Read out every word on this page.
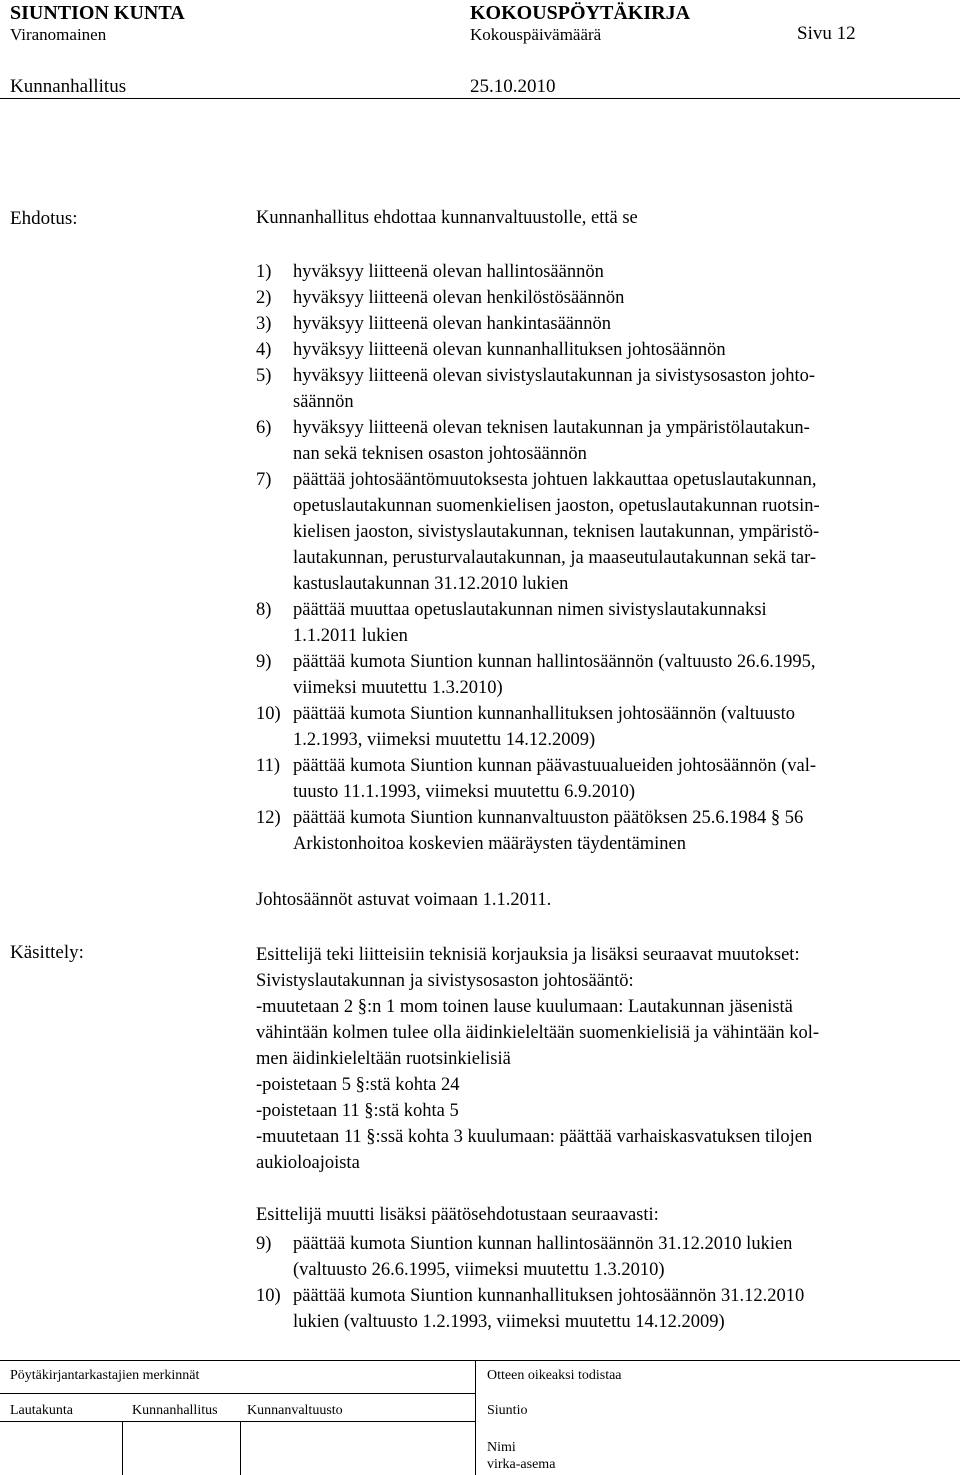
SIUNTION KUNTA	KOKOUSPÖYTÄKIRJA
Viranomainen	Kokouspäivämäärä	Sivu 12
Kunnanhallitus	25.10.2010
Ehdotus:	Kunnanhallitus ehdottaa kunnanvaltuustolle, että se
1) hyväksyy liitteenä olevan hallintosäännön
2) hyväksyy liitteenä olevan henkilöstösäännön
3) hyväksyy liitteenä olevan hankintasäännön
4) hyväksyy liitteenä olevan kunnanhallituksen johtosäännön
5) hyväksyy liitteenä olevan sivistyslautakunnan ja sivistysosaston johto-
säännön
6) hyväksyy liitteenä olevan teknisen lautakunnan ja ympäristölautakun-
nan sekä teknisen osaston johtosäännön
7) päättää johtosääntömuutoksesta johtuen lakkauttaa opetuslautakunnan,
opetuslautakunnan suomenkielisen jaoston, opetuslautakunnan ruotsin-
kielisen jaoston, sivistyslautakunnan, teknisen lautakunnan, ympäristö-
lautakunnan, perusturvalautakunnan, ja maaseutulautakunnan sekä tar-
kastuslautakunnan 31.12.2010 lukien
8) päättää muuttaa opetuslautakunnan nimen sivistyslautakunnaksi
1.1.2011 lukien
9) päättää kumota Siuntion kunnan hallintosäännön (valtuusto 26.6.1995,
viimeksi muutettu 1.3.2010)
10) päättää kumota Siuntion kunnanhallituksen johtosäännön (valtuusto
1.2.1993, viimeksi muutettu 14.12.2009)
11) päättää kumota Siuntion kunnan päävastuualueiden johtosäännön (val-
tuusto 11.1.1993, viimeksi muutettu 6.9.2010)
12) päättää kumota Siuntion kunnanvaltuuston päätöksen 25.6.1984 § 56
Arkistonhoitoa koskevien määräysten täydentäminen
Johtosäännöt astuvat voimaan 1.1.2011.
Käsittely:	Esittelijä teki liitteisiin teknisiä korjauksia ja lisäksi seuraavat muutokset:
Sivistyslautakunnan ja sivistysosaston johtosääntö:
-muutetaan 2 §:n 1 mom toinen lause kuulumaan: Lautakunnan jäsenistä
vähintään kolmen tulee olla äidinkieleltään suomenkielisiä ja vähintään kol-
men äidinkieleltään ruotsinkielisiä
-poistetaan 5 §:stä kohta 24
-poistetaan 11 §:stä kohta 5
-muutetaan 11 §:ssä kohta 3 kuulumaan: päättää varhaiskasvatuksen tilojen
aukioloajoista
Esittelijä muutti lisäksi päätösehdotustaan seuraavasti:
9) päättää kumota Siuntion kunnan hallintosäännön 31.12.2010 lukien
(valtuusto 26.6.1995, viimeksi muutettu 1.3.2010)
10) päättää kumota Siuntion kunnanhallituksen johtosäännön 31.12.2010
lukien (valtuusto 1.2.1993, viimeksi muutettu 14.12.2009)
Pöytäkirjantarkastajien merkinnät	Otteen oikeaksi todistaa
Lautakunta	Kunnanhallitus Kunnanvaltuusto	Siuntio
Nimi
virka-asema
